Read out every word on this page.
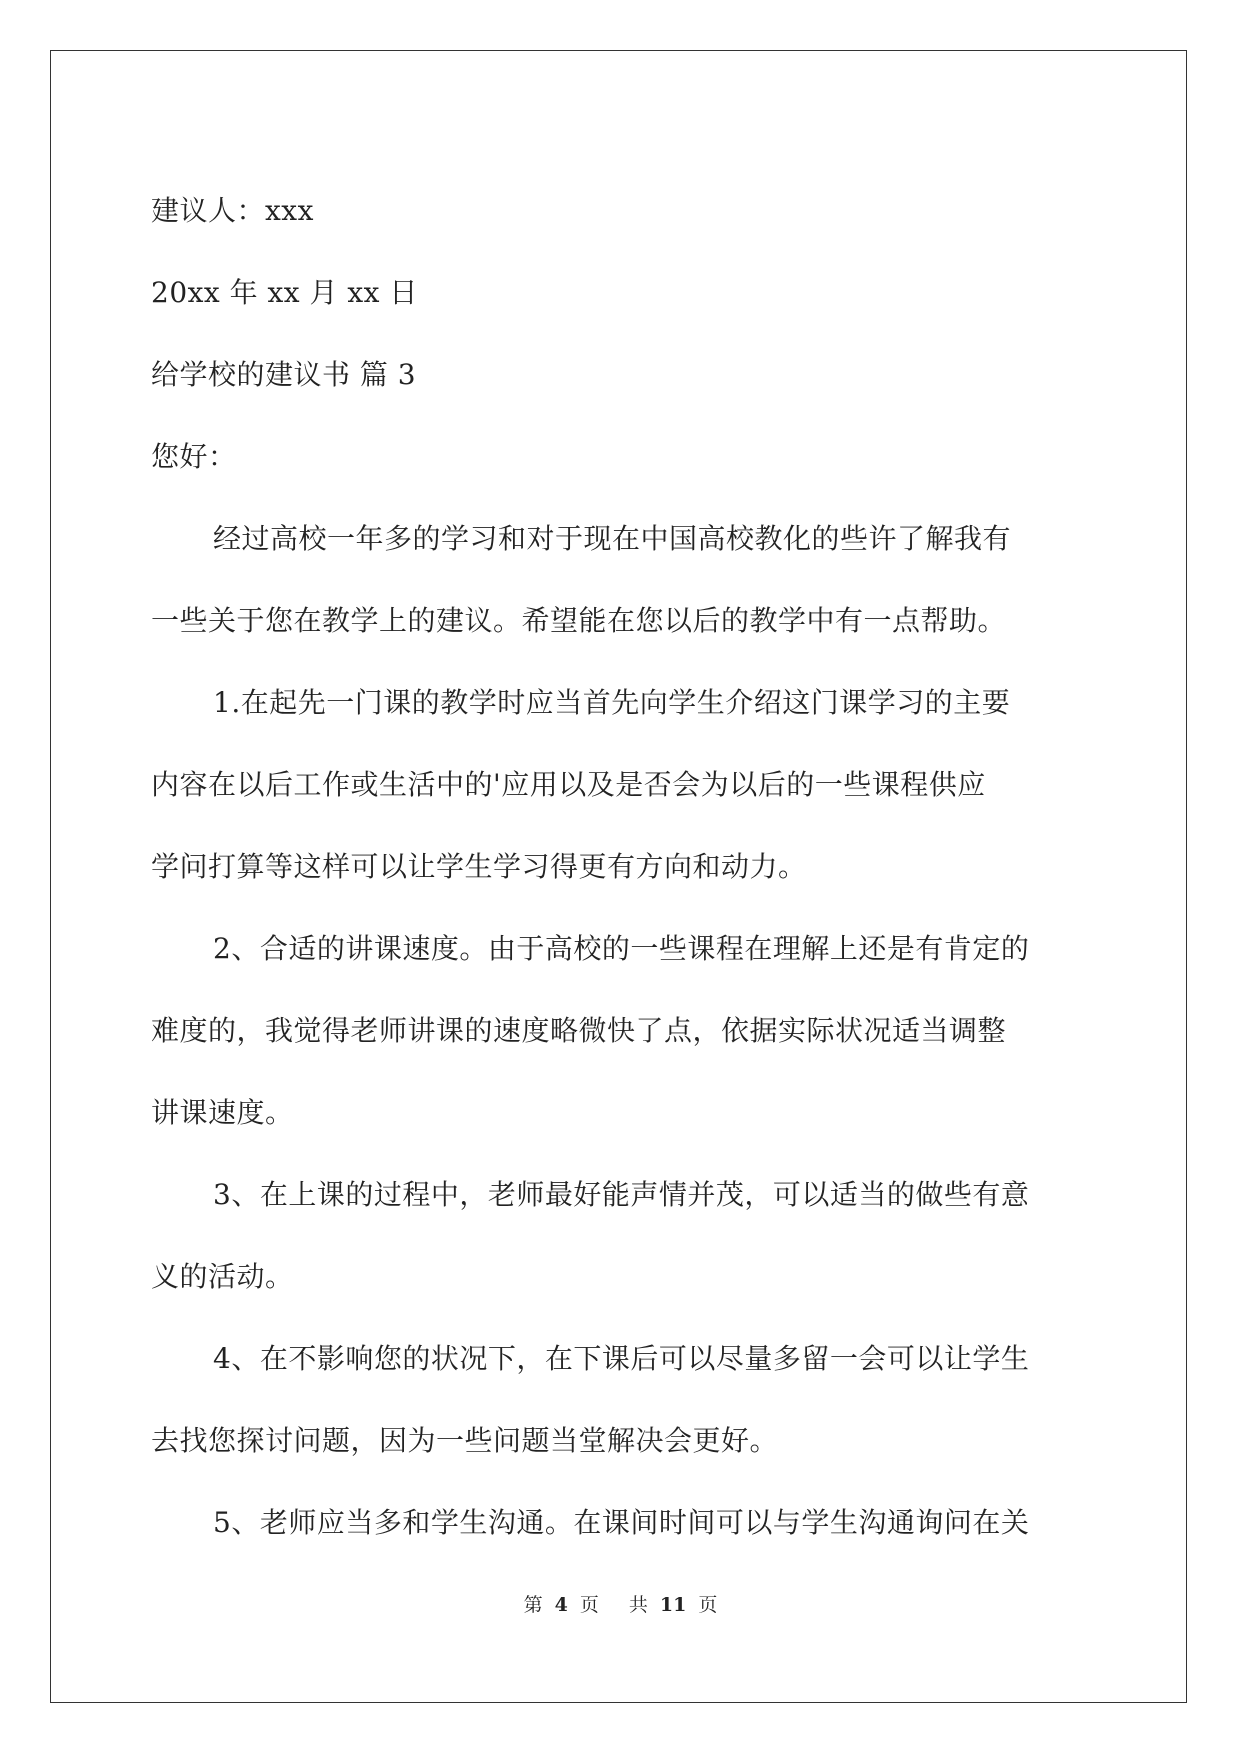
建议人：xxx
20xx 年 xx 月 xx 日
给学校的建议书 篇 3
您好：
经过高校一年多的学习和对于现在中国高校教化的些许了解我有
一些关于您在教学上的建议。希望能在您以后的教学中有一点帮助。
1.在起先一门课的教学时应当首先向学生介绍这门课学习的主要
内容在以后工作或生活中的'应用以及是否会为以后的一些课程供应
学问打算等这样可以让学生学习得更有方向和动力。
2、合适的讲课速度。由于高校的一些课程在理解上还是有肯定的
难度的，我觉得老师讲课的速度略微快了点，依据实际状况适当调整
讲课速度。
3、在上课的过程中，老师最好能声情并茂，可以适当的做些有意
义的活动。
4、在不影响您的状况下，在下课后可以尽量多留一会可以让学生
去找您探讨问题，因为一些问题当堂解决会更好。
5、老师应当多和学生沟通。在课间时间可以与学生沟通询问在关
第 4 页 共 11 页
